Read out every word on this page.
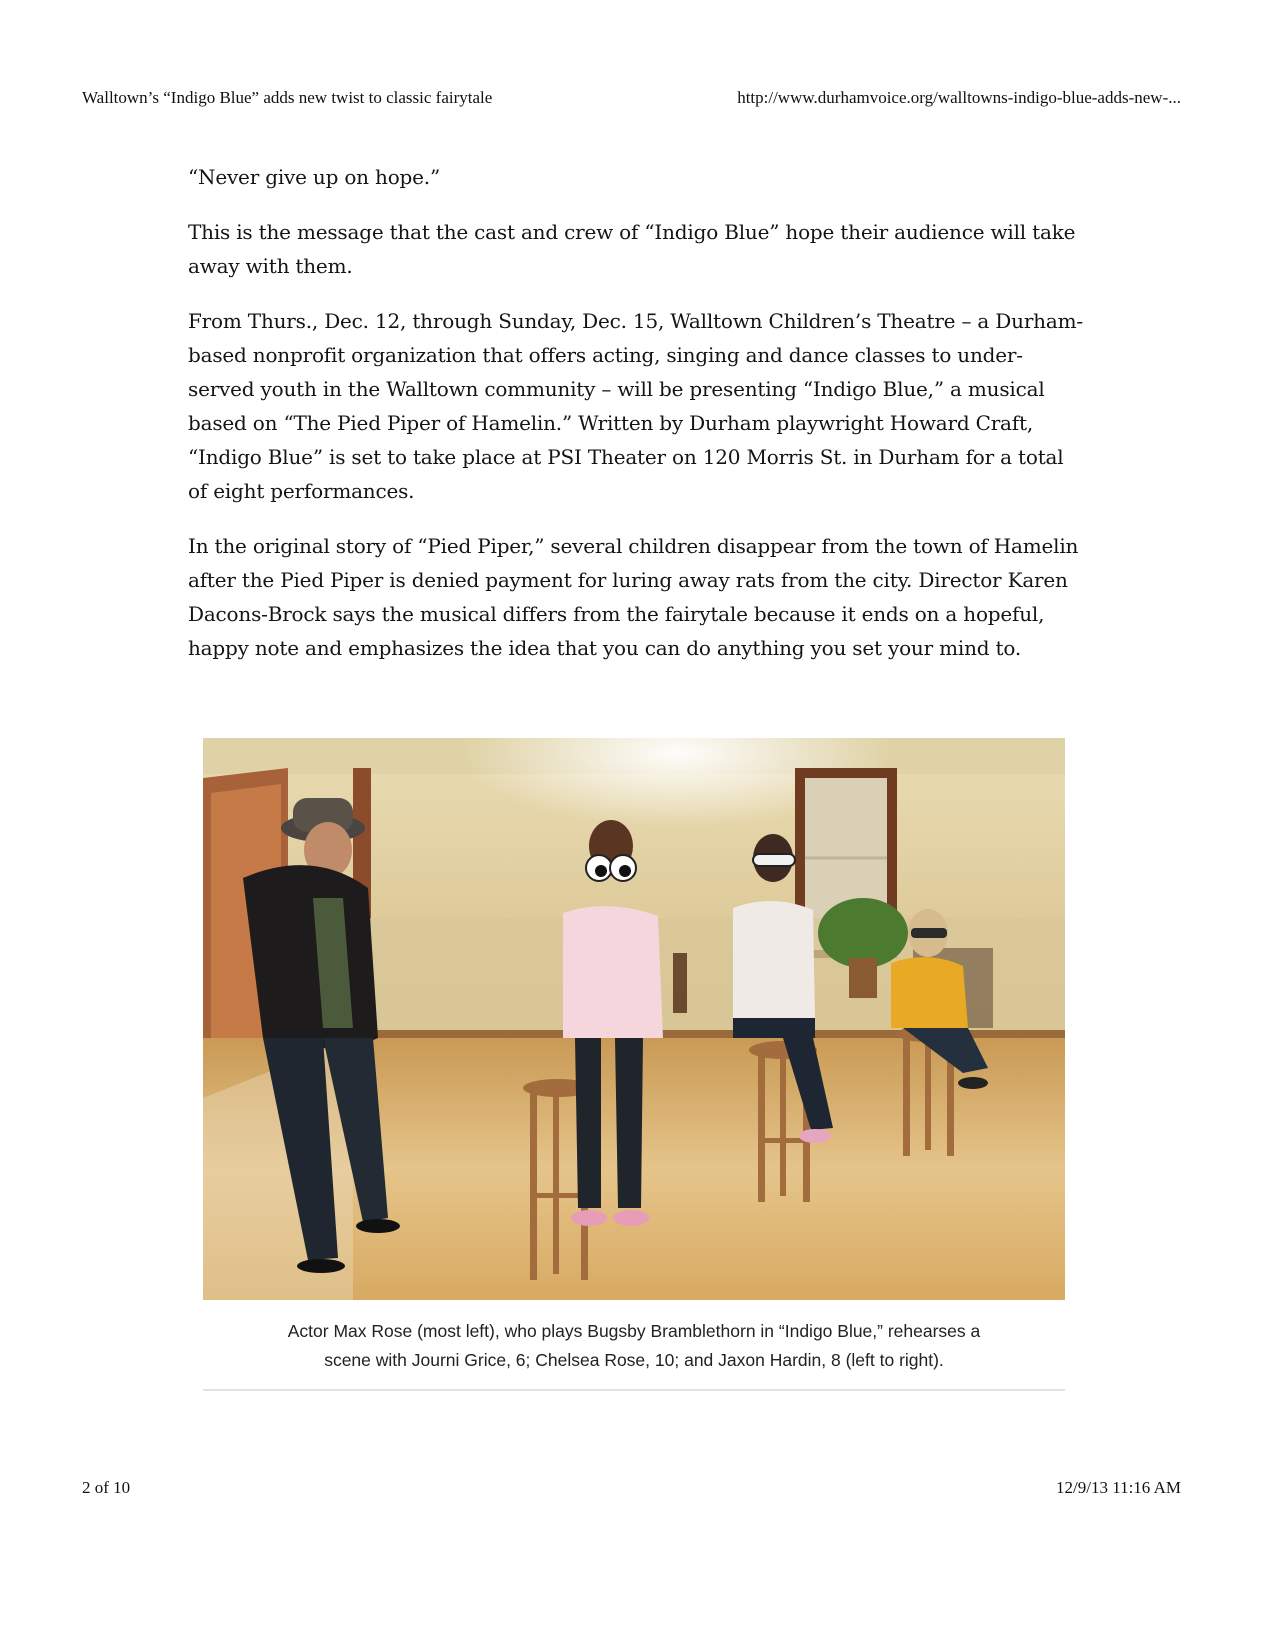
Walltown’s “Indigo Blue” adds new twist to classic fairytale	http://www.durhamvoice.org/walltowns-indigo-blue-adds-new-...

“Never give up on hope.”

This is the message that the cast and crew of “Indigo Blue” hope their audience will take away with them.

From Thurs., Dec. 12, through Sunday, Dec. 15, Walltown Children’s Theatre – a Durham-based nonprofit organization that offers acting, singing and dance classes to under-served youth in the Walltown community – will be presenting “Indigo Blue,” a musical based on “The Pied Piper of Hamelin.” Written by Durham playwright Howard Craft, “Indigo Blue” is set to take place at PSI Theater on 120 Morris St. in Durham for a total of eight performances.

In the original story of “Pied Piper,” several children disappear from the town of Hamelin after the Pied Piper is denied payment for luring away rats from the city. Director Karen Dacons-Brock says the musical differs from the fairytale because it ends on a hopeful, happy note and emphasizes the idea that you can do anything you set your mind to.

Actor Max Rose (most left), who plays Bugsby Bramblethorn in “Indigo Blue,” rehearses a
scene with Journi Grice, 6; Chelsea Rose, 10; and Jaxon Hardin, 8 (left to right).
2 of 10	12/9/13 11:16 AM
